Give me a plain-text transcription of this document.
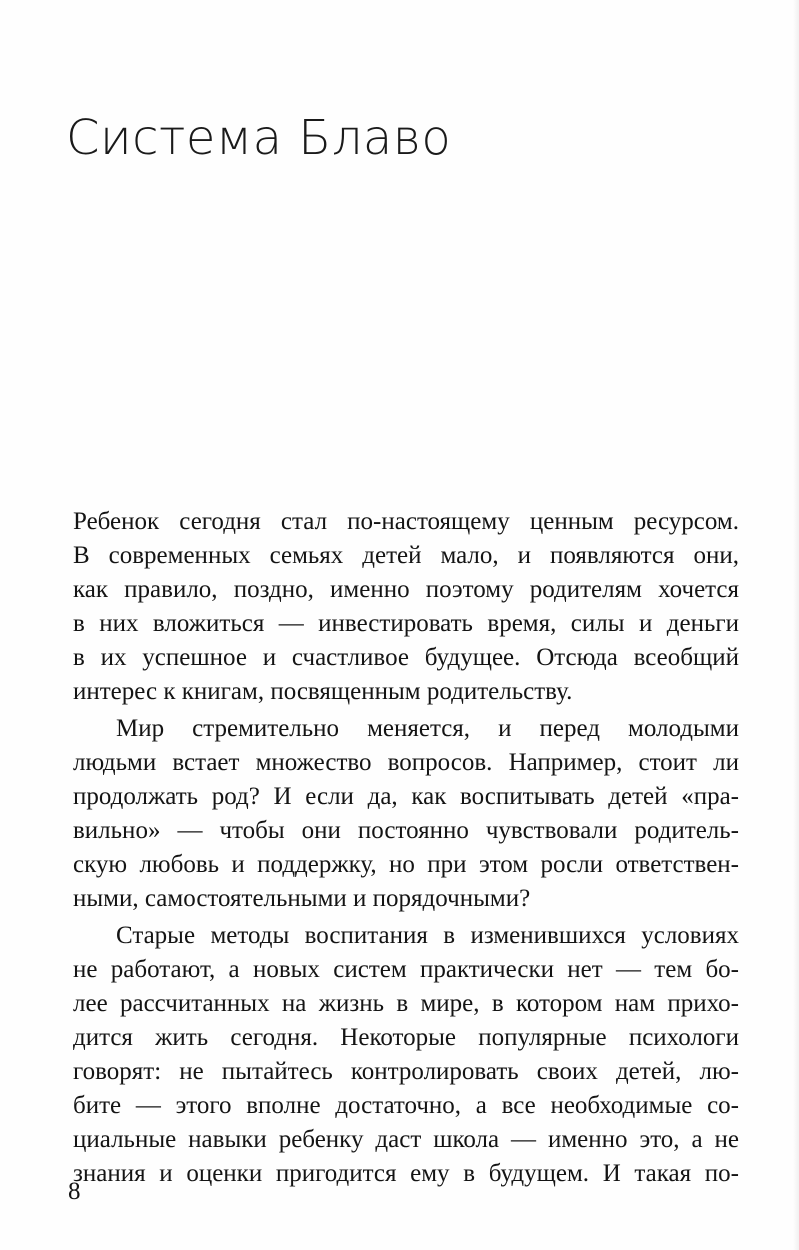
Система Блаво
Ребенок сегодня стал по-настоящему ценным ресурсом.
В современных семьях детей мало, и появляются они,
как правило, поздно, именно поэтому родителям хочется
в них вложиться — инвестировать время, силы и деньги
в их успешное и счастливое будущее. Отсюда всеобщий
интерес к книгам, посвященным родительству.
Мир стремительно меняется, и перед молодыми
людьми встает множество вопросов. Например, стоит ли
продолжать род? И если да, как воспитывать детей «пра-
вильно» — чтобы они постоянно чувствовали родитель-
скую любовь и поддержку, но при этом росли ответствен-
ными, самостоятельными и порядочными?
Старые методы воспитания в изменившихся условиях
не работают, а новых систем практически нет — тем бо-
лее рассчитанных на жизнь в мире, в котором нам прихо-
дится жить сегодня. Некоторые популярные психологи
говорят: не пытайтесь контролировать своих детей, лю-
бите — этого вполне достаточно, а все необходимые со-
циальные навыки ребенку даст школа — именно это, а не
знания и оценки пригодится ему в будущем. И такая по-
8
